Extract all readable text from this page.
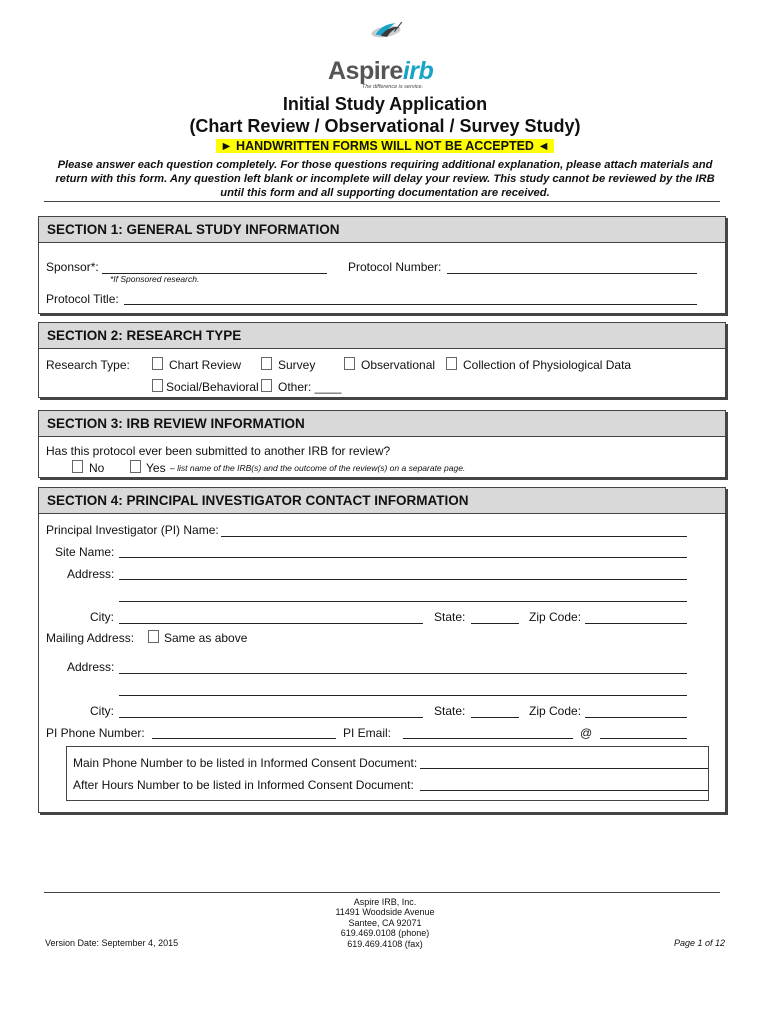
Aspireirb
The difference is service.
Initial Study Application
(Chart Review / Observational / Survey Study)
► HANDWRITTEN FORMS WILL NOT BE ACCEPTED ◄
Please answer each question completely. For those questions requiring additional explanation, please attach materials and return with this form. Any question left blank or incomplete will delay your review. This study cannot be reviewed by the IRB until this form and all supporting documentation are received.
SECTION 1: GENERAL STUDY INFORMATION
Sponsor*:
*If Sponsored research.
Protocol Number:
Protocol Title:
SECTION 2: RESEARCH TYPE
Research Type:	Chart Review	Survey	Observational Collection of Physiological Data
Social/Behavioral Other: ____
SECTION 3: IRB REVIEW INFORMATION
Has this protocol ever been submitted to another IRB for review?
No	Yes – list name of the IRB(s) and the outcome of the review(s) on a separate page.
SECTION 4: PRINCIPAL INVESTIGATOR CONTACT INFORMATION
Principal Investigator (PI) Name:
Site Name:
Address:
City:	State:	Zip Code:
Mailing Address: Same as above
Address:
City:	State:	Zip Code:
PI Phone Number:	PI Email:	@
Main Phone Number to be listed in Informed Consent Document:
After Hours Number to be listed in Informed Consent Document:
Aspire IRB, Inc.
11491 Woodside Avenue
Santee, CA 92071
619.469.0108 (phone)
619.469.4108 (fax)
Version Date: September 4, 2015	Page 1 of 12
